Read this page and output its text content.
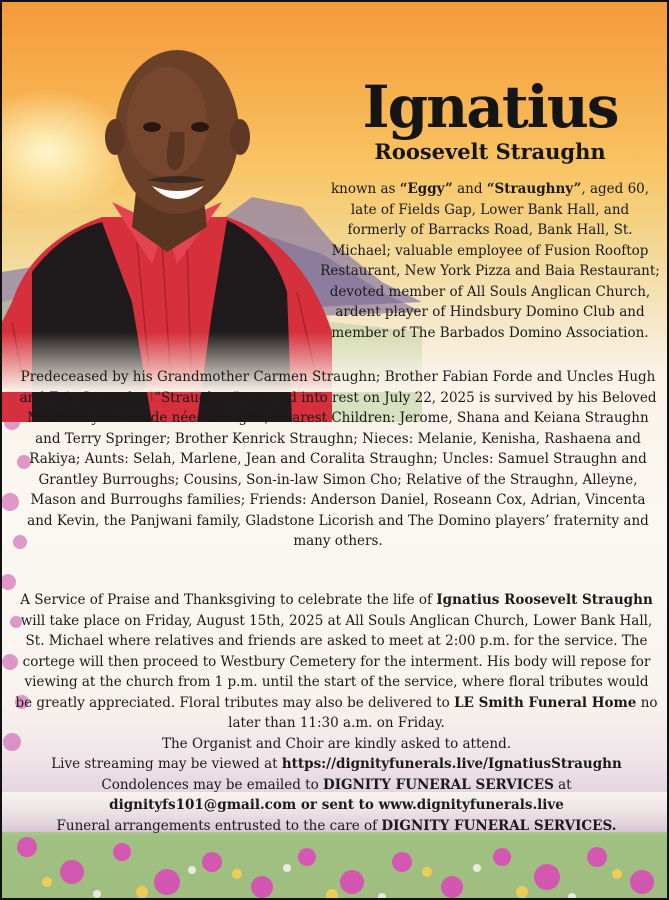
Ignatius
Roosevelt Straughn

known as “Eggy” and “Straughny”, aged 60, late of Fields Gap, Lower Bank Hall, and formerly of Barracks Road, Bank Hall, St. Michael; valuable employee of Fusion Rooftop Restaurant, New York Pizza and Baia Restaurant; devoted member of All Souls Anglican Church, ardent player of Hindsbury Domino Club and member of The Barbados Domino Association.

Predeceased by his Grandmother Carmen Straughn; Brother Fabian Forde and Uncles Hugh and Eric Straughn. “Straughny” entered into rest on July 22, 2025 is survived by his Beloved Mother Sylvia Forde née Straughn; Dearest Children: Jerome, Shana and Keiana Straughn and Terry Springer; Brother Kenrick Straughn; Nieces: Melanie, Kenisha, Rashaena and Rakiya; Aunts: Selah, Marlene, Jean and Coralita Straughn; Uncles: Samuel Straughn and Grantley Burroughs; Cousins, Son-in-law Simon Cho; Relative of the Straughn, Alleyne, Mason and Burroughs families; Friends: Anderson Daniel, Roseann Cox, Adrian, Vincenta and Kevin, the Panjwani family, Gladstone Licorish and The Domino players’ fraternity and many others.

A Service of Praise and Thanksgiving to celebrate the life of Ignatius Roosevelt Straughn will take place on Friday, August 15th, 2025 at All Souls Anglican Church, Lower Bank Hall, St. Michael where relatives and friends are asked to meet at 2:00 p.m. for the service. The cortege will then proceed to Westbury Cemetery for the interment. His body will repose for viewing at the church from 1 p.m. until the start of the service, where floral tributes would be greatly appreciated. Floral tributes may also be delivered to LE Smith Funeral Home no later than 11:30 a.m. on Friday.

The Organist and Choir are kindly asked to attend.

Live streaming may be viewed at https://dignityfunerals.live/IgnatiusStraughn

Condolences may be emailed to DIGNITY FUNERAL SERVICES at

dignityfs101@gmail.com or sent to www.dignityfunerals.live

Funeral arrangements entrusted to the care of DIGNITY FUNERAL SERVICES.
